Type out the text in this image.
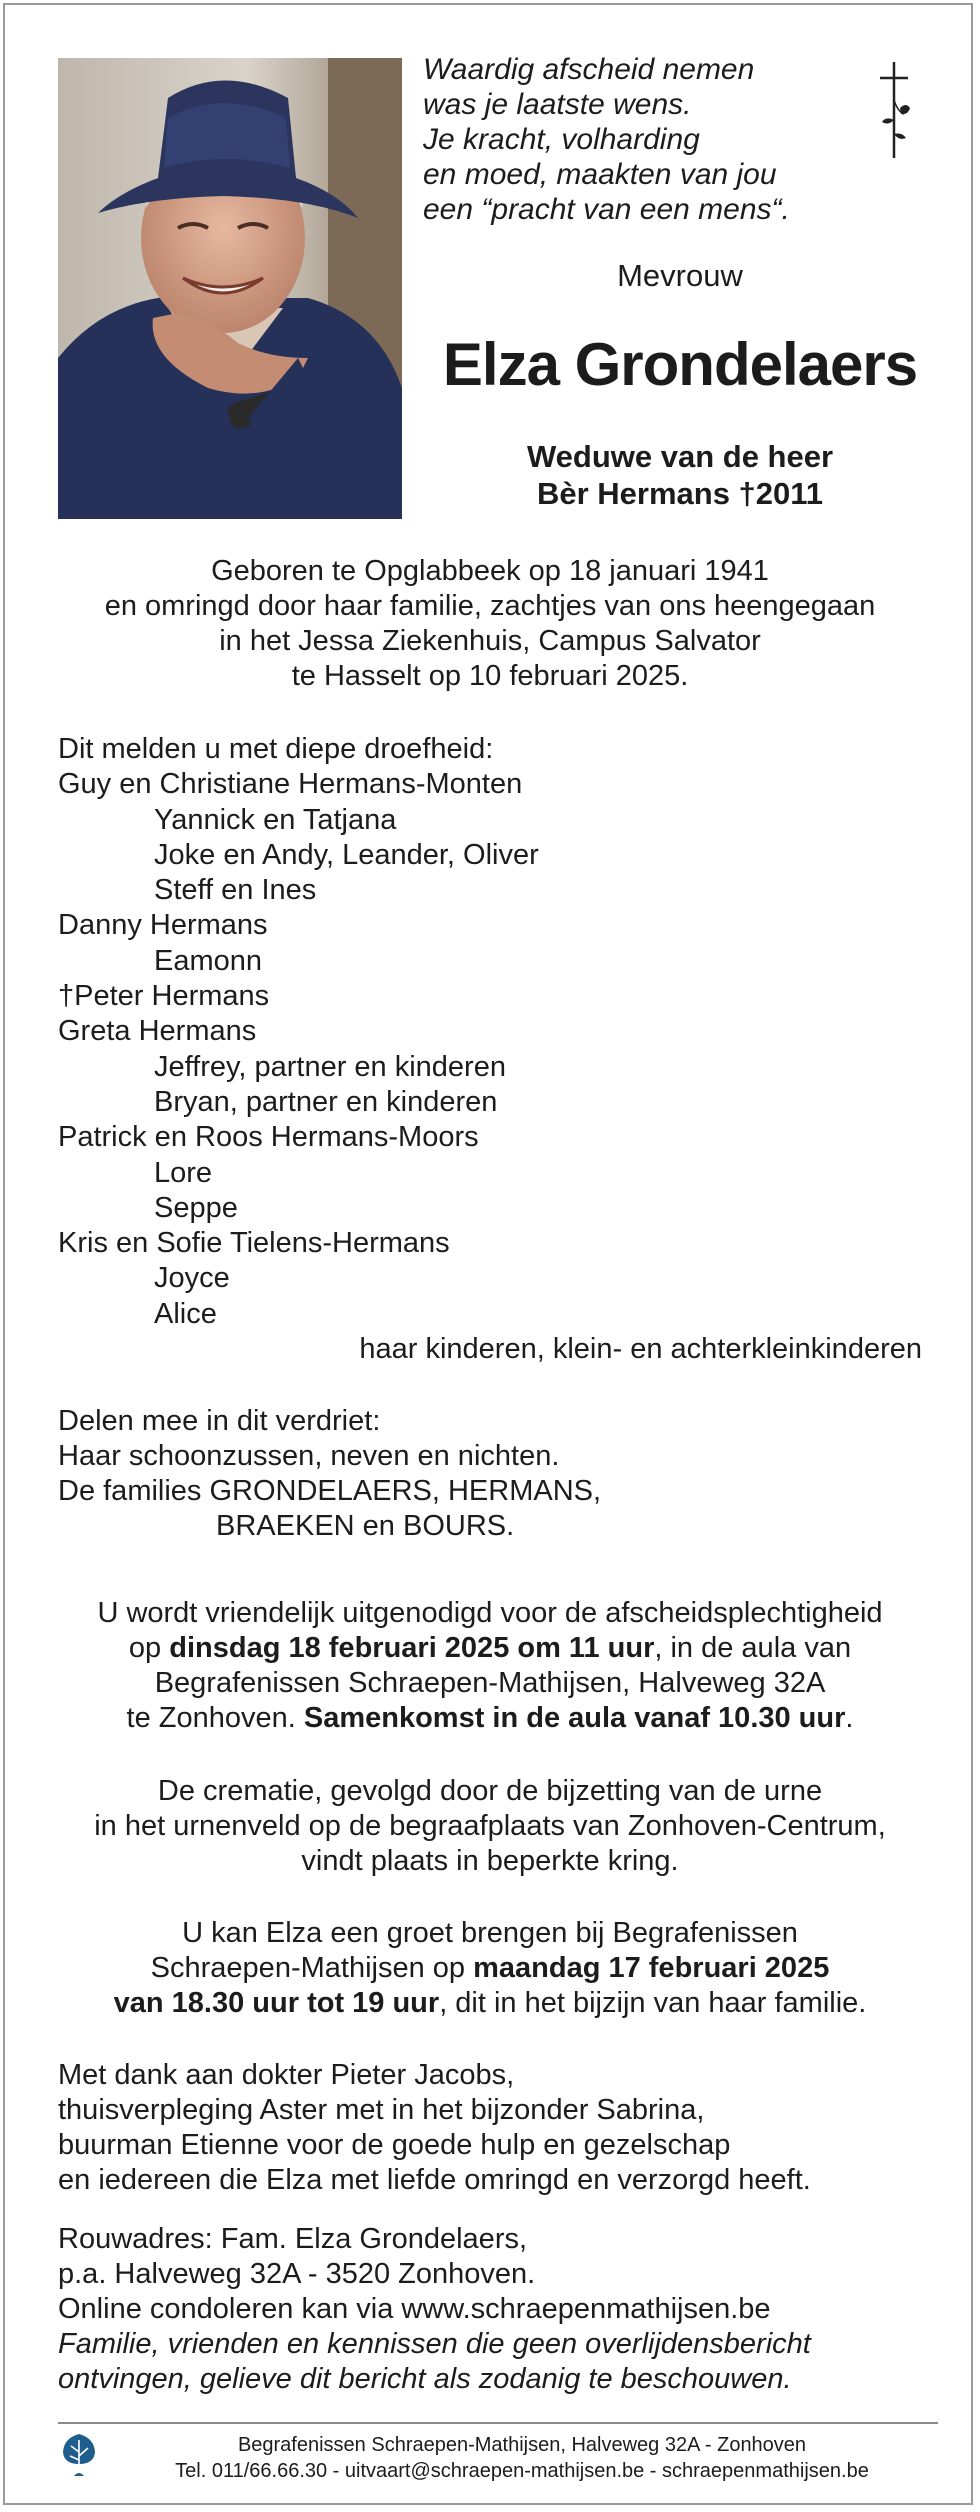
Waardig afscheid nemen
was je laatste wens.
Je kracht, volharding
en moed, maakten van jou
een “pracht van een mens“.
Mevrouw
Elza Grondelaers
Weduwe van de heer
Bèr Hermans †2011
Geboren te Opglabbeek op 18 januari 1941
en omringd door haar familie, zachtjes van ons heengegaan
in het Jessa Ziekenhuis, Campus Salvator
te Hasselt op 10 februari 2025.
Dit melden u met diepe droefheid:
Guy en Christiane Hermans-Monten
Yannick en Tatjana
Joke en Andy, Leander, Oliver
Steff en Ines
Danny Hermans
Eamonn
†Peter Hermans
Greta Hermans
Jeffrey, partner en kinderen
Bryan, partner en kinderen
Patrick en Roos Hermans-Moors
Lore
Seppe
Kris en Sofie Tielens-Hermans
Joyce
Alice
haar kinderen, klein- en achterkleinkinderen
Delen mee in dit verdriet:
Haar schoonzussen, neven en nichten.
De families GRONDELAERS, HERMANS,
BRAEKEN en BOURS.
U wordt vriendelijk uitgenodigd voor de afscheidsplechtigheid
op dinsdag 18 februari 2025 om 11 uur, in de aula van
Begrafenissen Schraepen-Mathijsen, Halveweg 32A
te Zonhoven. Samenkomst in de aula vanaf 10.30 uur.
De crematie, gevolgd door de bijzetting van de urne
in het urnenveld op de begraafplaats van Zonhoven-Centrum,
vindt plaats in beperkte kring.
U kan Elza een groet brengen bij Begrafenissen
Schraepen-Mathijsen op maandag 17 februari 2025
van 18.30 uur tot 19 uur, dit in het bijzijn van haar familie.
Met dank aan dokter Pieter Jacobs,
thuisverpleging Aster met in het bijzonder Sabrina,
buurman Etienne voor de goede hulp en gezelschap
en iedereen die Elza met liefde omringd en verzorgd heeft.
Rouwadres: Fam. Elza Grondelaers,
p.a. Halveweg 32A - 3520 Zonhoven.
Online condoleren kan via www.schraepenmathijsen.be
Familie, vrienden en kennissen die geen overlijdensbericht
ontvingen, gelieve dit bericht als zodanig te beschouwen.
Begrafenissen Schraepen-Mathijsen, Halveweg 32A - Zonhoven
Tel. 011/66.66.30 - uitvaart@schraepen-mathijsen.be - schraepenmathijsen.be
